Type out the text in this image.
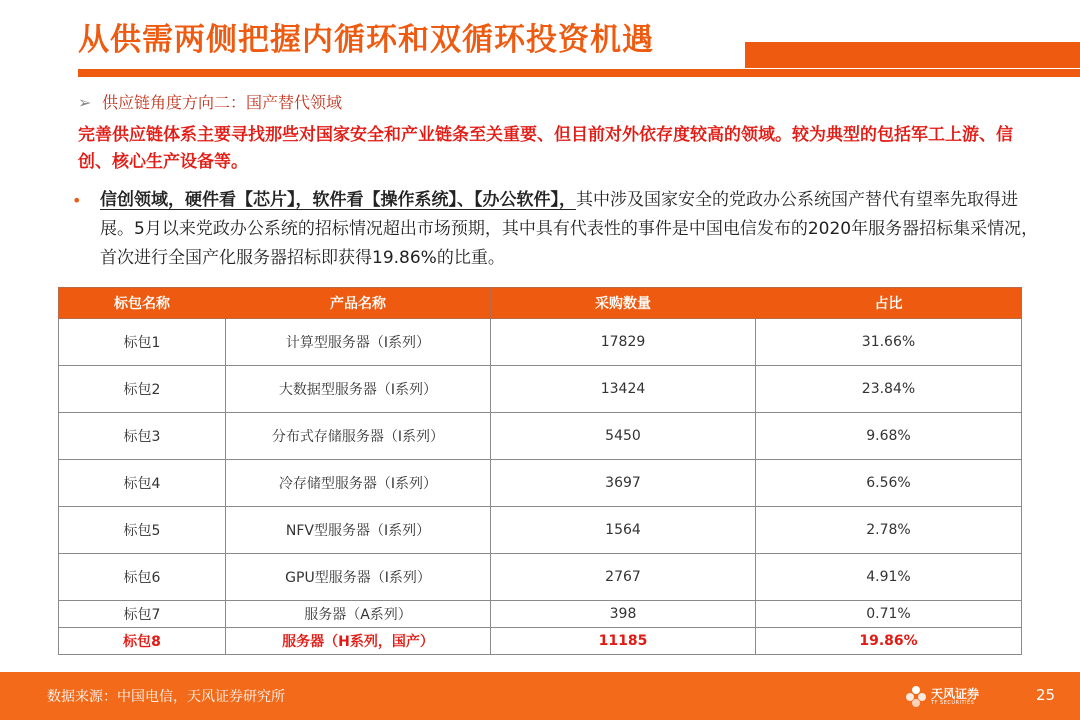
从供需两侧把握内循环和双循环投资机遇
➢ 供应链角度方向二：国产替代领域
完善供应链体系主要寻找那些对国家安全和产业链条至关重要、但目前对外依存度较高的领域。较为典型的包括军工上游、信创、核心生产设备等。
•	信创领域，硬件看【芯片】，软件看【操作系统】、【办公软件】，其中涉及国家安全的党政办公系统国产替代有望率先取得进展。5月以来党政办公系统的招标情况超出市场预期，其中具有代表性的事件是中国电信发布的2020年服务器招标集采情况，首次进行全国产化服务器招标即获得19.86%的比重。
标包名称	产品名称	采购数量	占比
标包1	计算型服务器（I系列）	17829	31.66%
标包2	大数据型服务器（I系列）	13424	23.84%
标包3	分布式存储服务器（I系列）	5450	9.68%
标包4	冷存储型服务器（I系列）	3697	6.56%
标包5	NFV型服务器（I系列）	1564	2.78%
标包6	GPU型服务器（I系列）	2767	4.91%
标包7	服务器（A系列）	398	0.71%
标包8	服务器（H系列，国产）	11185	19.86%
数据来源：中国电信，天风证券研究所	天风证券
TF SECURITIES	25
